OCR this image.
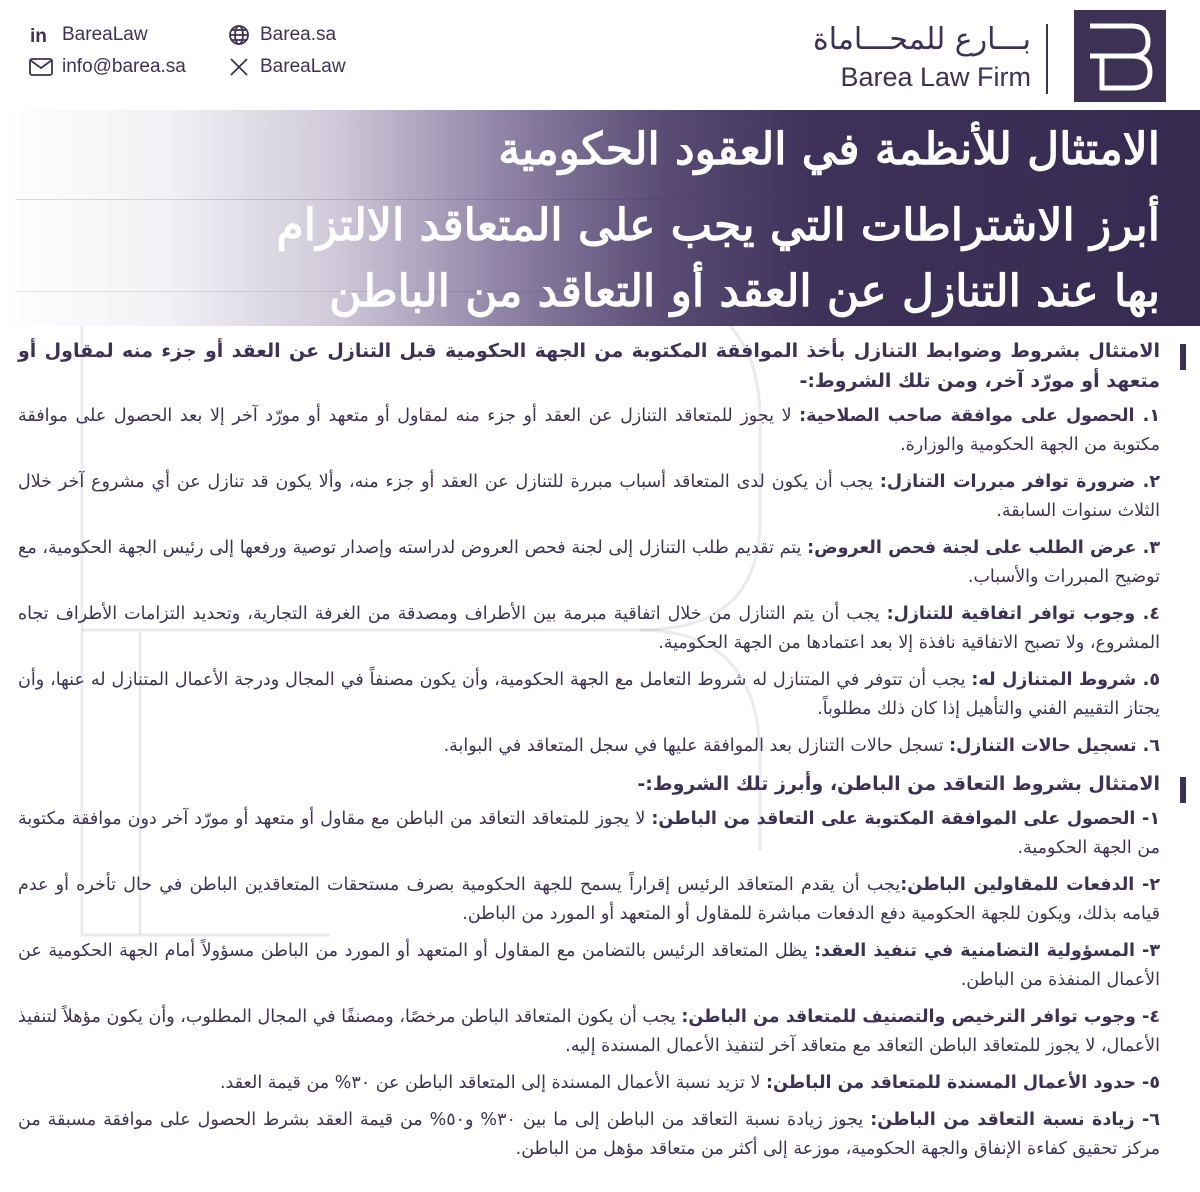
in BareaLaw	Barea.sa
info@barea.sa	BareaLaw
بـــارع للمحـــاماة
Barea Law Firm
الامتثال للأنظمة في العقود الحكومية
أبرز الاشتراطات التي يجب على المتعاقد الالتزام
بها عند التنازل عن العقد أو التعاقد من الباطن
الامتثال بشروط وضوابط التنازل بأخذ الموافقة المكتوبة من الجهة الحكومية قبل التنازل عن العقد أو جزء منه لمقاول أو متعهد أو مورّد آخر، ومن تلك الشروط:-
١. الحصول على موافقة صاحب الصلاحية: لا يجوز للمتعاقد التنازل عن العقد أو جزء منه لمقاول أو متعهد أو مورّد آخر إلا بعد الحصول على موافقة مكتوبة من الجهة الحكومية والوزارة.
٢. ضرورة توافر مبررات التنازل: يجب أن يكون لدى المتعاقد أسباب مبررة للتنازل عن العقد أو جزء منه، وألا يكون قد تنازل عن أي مشروع آخر خلال الثلاث سنوات السابقة.
٣. عرض الطلب على لجنة فحص العروض: يتم تقديم طلب التنازل إلى لجنة فحص العروض لدراسته وإصدار توصية ورفعها إلى رئيس الجهة الحكومية، مع توضيح المبررات والأسباب.
٤. وجوب توافر اتفاقية للتنازل: يجب أن يتم التنازل من خلال اتفاقية مبرمة بين الأطراف ومصدقة من الغرفة التجارية، وتحديد التزامات الأطراف تجاه المشروع، ولا تصبح الاتفاقية نافذة إلا بعد اعتمادها من الجهة الحكومية.
٥. شروط المتنازل له: يجب أن تتوفر في المتنازل له شروط التعامل مع الجهة الحكومية، وأن يكون مصنفاً في المجال ودرجة الأعمال المتنازل له عنها، وأن يجتاز التقييم الفني والتأهيل إذا كان ذلك مطلوباً.
٦. تسجيل حالات التنازل: تسجل حالات التنازل بعد الموافقة عليها في سجل المتعاقد في البوابة.
الامتثال بشروط التعاقد من الباطن، وأبرز تلك الشروط:-
١- الحصول على الموافقة المكتوبة على التعاقد من الباطن: لا يجوز للمتعاقد التعاقد من الباطن مع مقاول أو متعهد أو مورّد آخر دون موافقة مكتوبة من الجهة الحكومية.
٢- الدفعات للمقاولين الباطن:يجب أن يقدم المتعاقد الرئيس إقراراً يسمح للجهة الحكومية بصرف مستحقات المتعاقدين الباطن في حال تأخره أو عدم قيامه بذلك، ويكون للجهة الحكومية دفع الدفعات مباشرة للمقاول أو المتعهد أو المورد من الباطن.
٣- المسؤولية التضامنية في تنفيذ العقد: يظل المتعاقد الرئيس بالتضامن مع المقاول أو المتعهد أو المورد من الباطن مسؤولاً أمام الجهة الحكومية عن الأعمال المنفذة من الباطن.
٤- وجوب توافر الترخيص والتصنيف للمتعاقد من الباطن: يجب أن يكون المتعاقد الباطن مرخصًا، ومصنفًا في المجال المطلوب، وأن يكون مؤهلاً لتنفيذ الأعمال، لا يجوز للمتعاقد الباطن التعاقد مع متعاقد آخر لتنفيذ الأعمال المسندة إليه.
٥- حدود الأعمال المسندة للمتعاقد من الباطن: لا تزيد نسبة الأعمال المسندة إلى المتعاقد الباطن عن ٣٠% من قيمة العقد.
٦- زيادة نسبة التعاقد من الباطن: يجوز زيادة نسبة التعاقد من الباطن إلى ما بين ٣٠% و٥٠% من قيمة العقد بشرط الحصول على موافقة مسبقة من مركز تحقيق كفاءة الإنفاق والجهة الحكومية، موزعة إلى أكثر من متعاقد مؤهل من الباطن.
